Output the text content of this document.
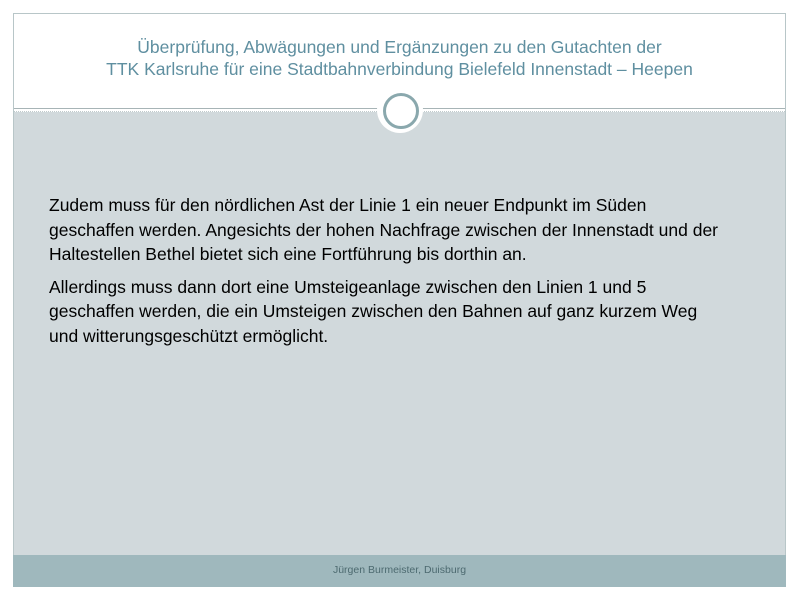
Überprüfung, Abwägungen und Ergänzungen zu den Gutachten der
TTK Karlsruhe für eine Stadtbahnverbindung Bielefeld Innenstadt – Heepen

Zudem muss für den nördlichen Ast der Linie 1 ein neuer Endpunkt im Süden geschaffen werden. Angesichts der hohen Nachfrage zwischen der Innenstadt und der Haltestellen Bethel bietet sich eine Fortführung bis dorthin an.

Allerdings muss dann dort eine Umsteigeanlage zwischen den Linien 1 und 5 geschaffen werden, die ein Umsteigen zwischen den Bahnen auf ganz kurzem Weg und witterungsgeschützt ermöglicht.

Jürgen Burmeister, Duisburg
